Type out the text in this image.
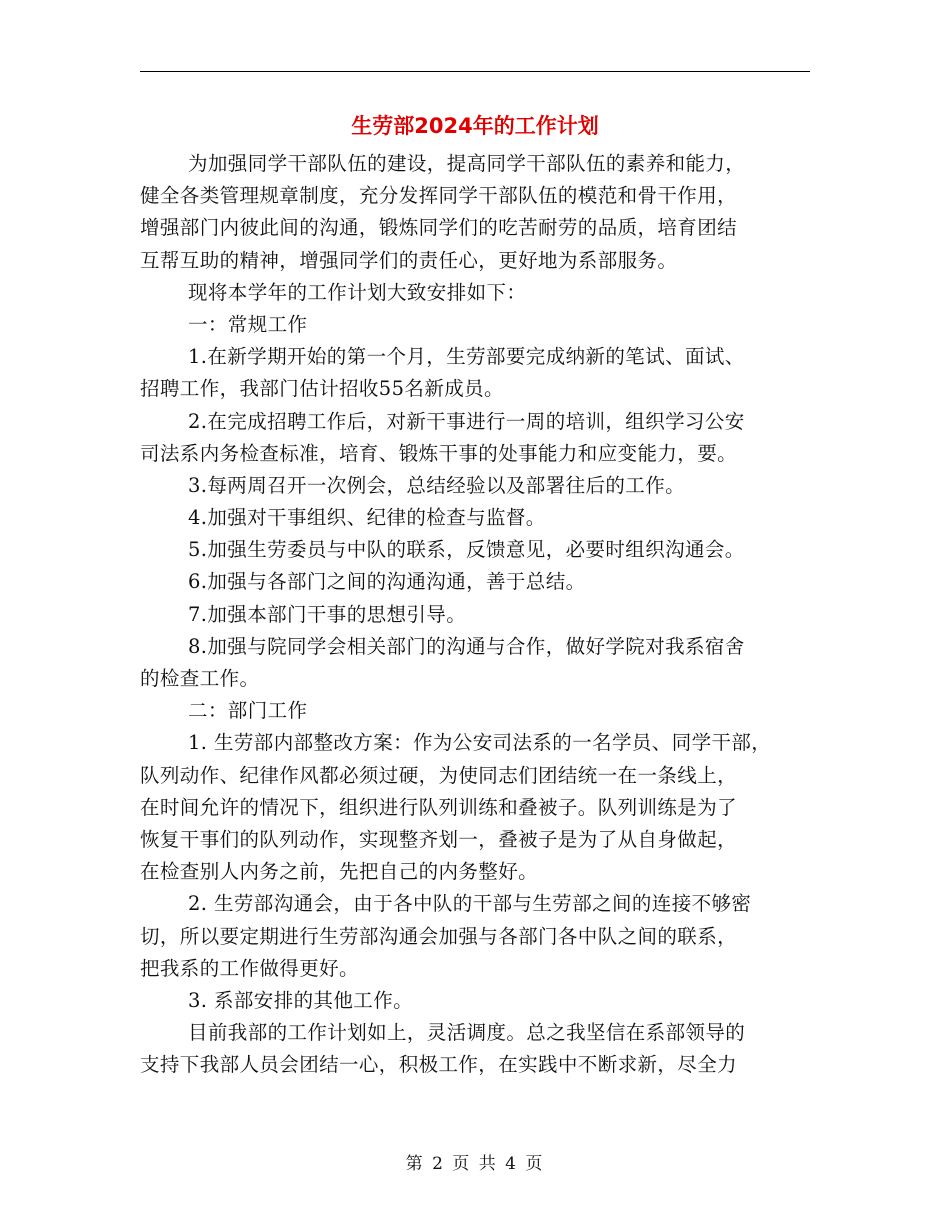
生劳部2024年的工作计划
为加强同学干部队伍的建设，提高同学干部队伍的素养和能力，
健全各类管理规章制度，充分发挥同学干部队伍的模范和骨干作用，
增强部门内彼此间的沟通，锻炼同学们的吃苦耐劳的品质，培育团结
互帮互助的精神，增强同学们的责任心，更好地为系部服务。
现将本学年的工作计划大致安排如下：
一：常规工作
1.在新学期开始的第一个月，生劳部要完成纳新的笔试、面试、
招聘工作，我部门估计招收55名新成员。
2.在完成招聘工作后，对新干事进行一周的培训，组织学习公安
司法系内务检查标准，培育、锻炼干事的处事能力和应变能力，要。
3.每两周召开一次例会，总结经验以及部署往后的工作。
4.加强对干事组织、纪律的检查与监督。
5.加强生劳委员与中队的联系，反馈意见，必要时组织沟通会。
6.加强与各部门之间的沟通沟通，善于总结。
7.加强本部门干事的思想引导。
8.加强与院同学会相关部门的沟通与合作，做好学院对我系宿舍
的检查工作。
二：部门工作
1. 生劳部内部整改方案：作为公安司法系的一名学员、同学干部，
队列动作、纪律作风都必须过硬，为使同志们团结统一在一条线上，
在时间允许的情况下，组织进行队列训练和叠被子。队列训练是为了
恢复干事们的队列动作，实现整齐划一，叠被子是为了从自身做起，
在检查别人内务之前，先把自己的内务整好。
2. 生劳部沟通会，由于各中队的干部与生劳部之间的连接不够密
切，所以要定期进行生劳部沟通会加强与各部门各中队之间的联系，
把我系的工作做得更好。
3. 系部安排的其他工作。
目前我部的工作计划如上，灵活调度。总之我坚信在系部领导的
支持下我部人员会团结一心，积极工作，在实践中不断求新，尽全力
第 2 页 共 4 页
